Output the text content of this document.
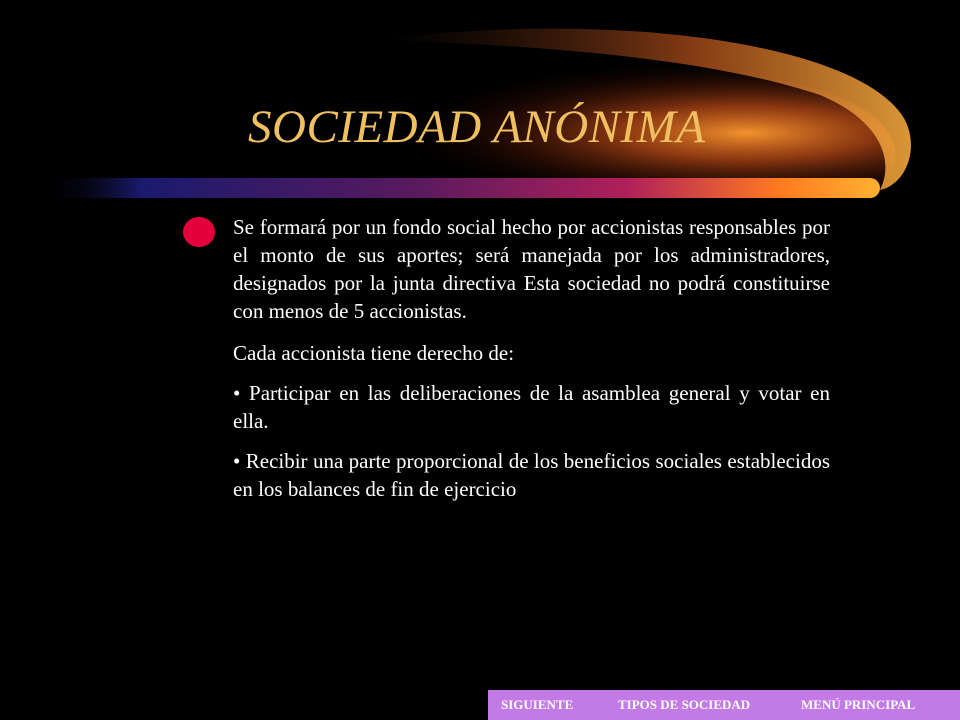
SOCIEDAD ANÓNIMA

Se formará por un fondo social hecho por accionistas responsables por el monto de sus aportes; será manejada por los administradores, designados por la junta directiva Esta sociedad no podrá constituirse con menos de 5 accionistas.

Cada accionista tiene derecho de:

• Participar en las deliberaciones de la asamblea general y votar en ella.

• Recibir una parte proporcional de los beneficios sociales establecidos en los balances de fin de ejercicio

SIGUIENTE	TIPOS DE SOCIEDAD	MENÚ PRINCIPAL
